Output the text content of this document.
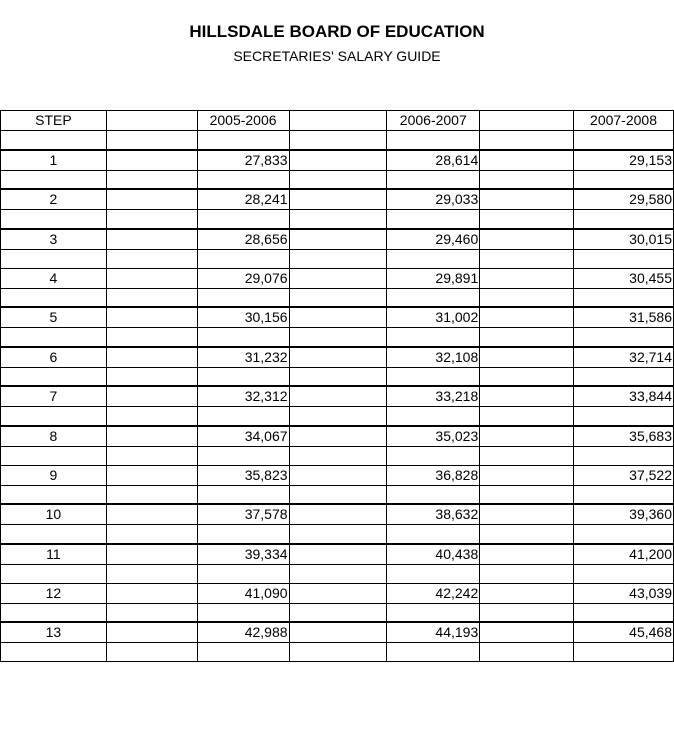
HILLSDALE BOARD OF EDUCATION
SECRETARIES' SALARY GUIDE
STEP		2005-2006		2006-2007		2007-2008

1		27,833		28,614		29,153

2		28,241		29,033		29,580

3		28,656		29,460		30,015

4		29,076		29,891		30,455

5		30,156		31,002		31,586

6		31,232		32,108		32,714

7		32,312		33,218		33,844

8		34,067		35,023		35,683

9		35,823		36,828		37,522

10		37,578		38,632		39,360

11		39,334		40,438		41,200

12		41,090		42,242		43,039

13		42,988		44,193		45,468
